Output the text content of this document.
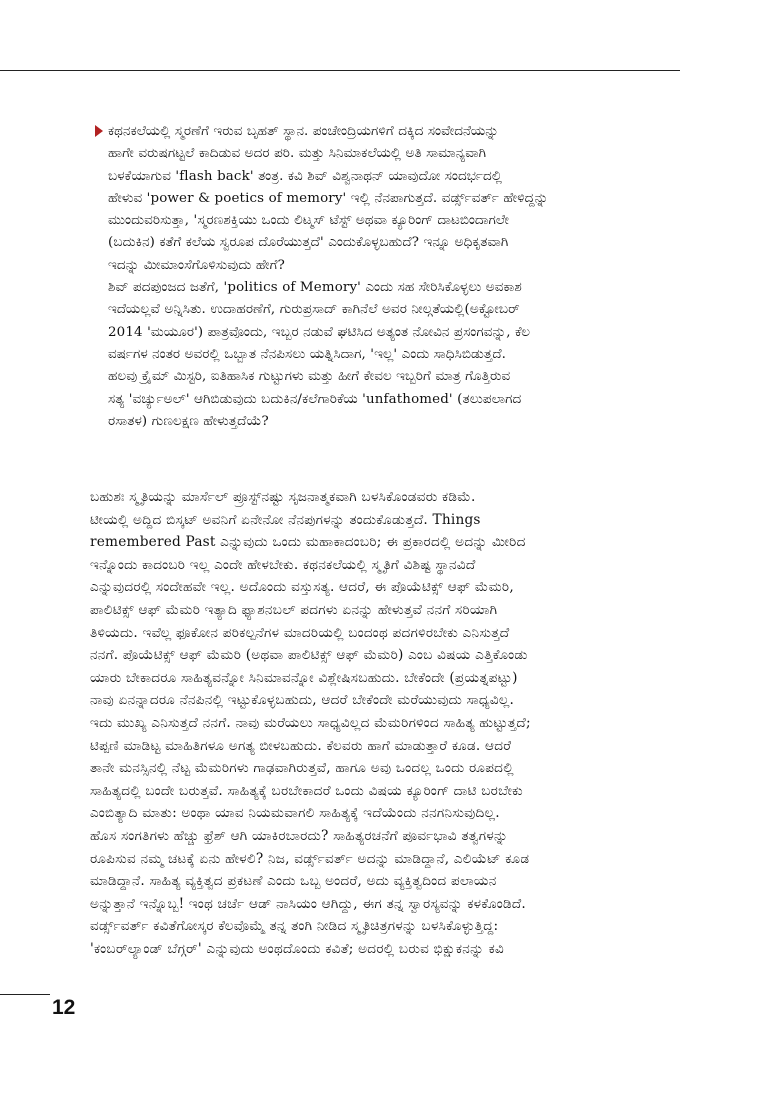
ಕಥನಕಲೆಯಲ್ಲಿ ಸ್ಮರಣೆಗೆ ಇರುವ ಬೃಹತ್ ಸ್ಥಾನ. ಪಂಚೇಂದ್ರಿಯಗಳಿಗೆ ದಕ್ಕಿದ ಸಂವೇದನೆಯನ್ನು
ಹಾಗೇ ವರುಷಗಟ್ಟಲೆ ಕಾದಿಡುವ ಅದರ ಪರಿ. ಮತ್ತು ಸಿನಿಮಾಕಲೆಯಲ್ಲಿ ಅತಿ ಸಾಮಾನ್ಯವಾಗಿ
ಬಳಕೆಯಾಗುವ 'flash back' ತಂತ್ರ. ಕವಿ ಶಿವ್ ವಿಶ್ವನಾಥನ್ ಯಾವುದೋ ಸಂದರ್ಭದಲ್ಲಿ
ಹೇಳುವ 'power & poetics of memory' ಇಲ್ಲಿ ನೆನಪಾಗುತ್ತದೆ. ವರ್ಡ್ಸ್‌ವರ್ತ್ ಹೇಳಿದ್ದನ್ನು
ಮುಂದುವರಿಸುತ್ತಾ, 'ಸ್ಮರಣಶಕ್ತಿಯು ಒಂದು ಲಿಟ್ಮಸ್ ಟೆಸ್ಟ್ ಅಥವಾ ಕ್ಯೂರಿಂಗ್ ದಾಟಬಿಂದಾಗಲೇ
(ಬದುಕಿನ) ಕತೆಗೆ ಕಲೆಯ ಸ್ವರೂಪ ದೊರೆಯುತ್ತದೆ' ಎಂದುಕೊಳ್ಳಬಹುದೆ? ಇನ್ನೂ ಅಧಿಕೃತವಾಗಿ
ಇದನ್ನು ಮೀಮಾಂಸೆಗೊಳಿಸುವುದು ಹೇಗೆ?
ಶಿವ್ ಪದಪುಂಜದ ಜತೆಗೆ, 'politics of Memory' ಎಂದು ಸಹ ಸೇರಿಸಿಕೊಳ್ಳಲು ಅವಕಾಶ
ಇದೆಯಲ್ಲವೆ ಅನ್ನಿಸಿತು. ಉದಾಹರಣೆಗೆ, ಗುರುಪ್ರಸಾದ್ ಕಾಗಿನೆಲೆ ಅವರ ನೀಲ್ಗತೆಯಲ್ಲಿ(ಅಕ್ಟೋಬರ್
2014 'ಮಯೂರ') ಪಾತ್ರವೊಂದು, ಇಬ್ಬರ ನಡುವೆ ಘಟಿಸಿದ ಅತ್ಯಂತ ನೋವಿನ ಪ್ರಸಂಗವನ್ನು, ಕೆಲ
ವರ್ಷಗಳ ನಂತರ ಅವರಲ್ಲಿ ಒಬ್ಬಾತ ನೆನಪಿಸಲು ಯತ್ನಿಸಿದಾಗ, 'ಇಲ್ಲ' ಎಂದು ಸಾಧಿಸಿಬಿಡುತ್ತದೆ.
ಹಲವು ಕ್ರೈಮ್ ಮಿಸ್ಟರಿ, ಐತಿಹಾಸಿಕ ಗುಟ್ಟುಗಳು ಮತ್ತು ಹೀಗೆ ಕೇವಲ ಇಬ್ಬರಿಗೆ ಮಾತ್ರ ಗೊತ್ತಿರುವ
ಸತ್ಯ 'ವರ್ಚ್ಯುಅಲ್' ಆಗಿಬಿಡುವುದು ಬದುಕಿನ/ಕಲೆಗಾರಿಕೆಯ 'unfathomed' (ತಲುಪಲಾಗದ
ರಸಾತಳ) ಗುಣಲಕ್ಷಣ ಹೇಳುತ್ತದೆಯೆ?
ಬಹುಶಃ ಸ್ಮೃತಿಯನ್ನು ಮಾರ್ಸೆಲ್ ಪ್ರೂಸ್ಟ್‌ನಷ್ಟು ಸೃಜನಾತ್ಮಕವಾಗಿ ಬಳಸಿಕೊಂಡವರು ಕಡಿಮೆ.
ಟೀಯಲ್ಲಿ ಅದ್ದಿದ ಬಿಸ್ಕಟ್ ಅವನಿಗೆ ಏನೇನೋ ನೆನಪುಗಳನ್ನು ತಂದುಕೊಡುತ್ತದೆ. Things
remembered Past ಎನ್ನುವುದು ಒಂದು ಮಹಾಕಾದಂಬರಿ; ಈ ಪ್ರಕಾರದಲ್ಲಿ ಅದನ್ನು ಮೀರಿದ
ಇನ್ನೊಂದು ಕಾದಂಬರಿ ಇಲ್ಲ ಎಂದೇ ಹೇಳಬೇಕು. ಕಥನಕಲೆಯಲ್ಲಿ ಸ್ಮೃತಿಗೆ ವಿಶಿಷ್ಟ ಸ್ಥಾನವಿದೆ
ಎನ್ನುವುದರಲ್ಲಿ ಸಂದೇಹವೇ ಇಲ್ಲ. ಅದೊಂದು ವಸ್ತುಸತ್ಯ. ಆದರೆ, ಈ ಪೊಯೆಟಿಕ್ಸ್ ಆಫ್ ಮೆಮರಿ,
ಪಾಲಿಟಿಕ್ಸ್ ಆಫ್ ಮೆಮರಿ ಇತ್ಯಾದಿ ಫ್ಯಾಶನಬಲ್ ಪದಗಳು ಏನನ್ನು ಹೇಳುತ್ತವೆ ನನಗೆ ಸರಿಯಾಗಿ
ತಿಳಿಯದು. ಇವೆಲ್ಲ ಫೂಕೋನ ಪರಿಕಲ್ಪನೆಗಳ ಮಾದರಿಯಲ್ಲಿ ಬಂದಂಥ ಪದಗಳಿರಬೇಕು ಎನಿಸುತ್ತದೆ
ನನಗೆ. ಪೊಯೆಟಿಕ್ಸ್ ಆಫ್ ಮೆಮರಿ (ಅಥವಾ ಪಾಲಿಟಿಕ್ಸ್ ಆಫ್ ಮೆಮರಿ) ಎಂಬ ವಿಷಯ ಎತ್ತಿಕೊಂಡು
ಯಾರು ಬೇಕಾದರೂ ಸಾಹಿತ್ಯವನ್ನೋ ಸಿನಿಮಾವನ್ನೋ ವಿಶ್ಲೇಷಿಸಬಹುದು. ಬೇಕೆಂದೇ (ಪ್ರಯತ್ನಪಟ್ಟು)
ನಾವು ಏನನ್ನಾದರೂ ನೆನಪಿನಲ್ಲಿ ಇಟ್ಟುಕೊಳ್ಳಬಹುದು, ಆದರೆ ಬೇಕೆಂದೇ ಮರೆಯುವುದು ಸಾಧ್ಯವಿಲ್ಲ.
ಇದು ಮುಖ್ಯ ಎನಿಸುತ್ತದೆ ನನಗೆ. ನಾವು ಮರೆಯಲು ಸಾಧ್ಯವಿಲ್ಲದ ಮೆಮರಿಗಳಿಂದ ಸಾಹಿತ್ಯ ಹುಟ್ಟುತ್ತದೆ;
ಟಿಪ್ಪಣಿ ಮಾಡಿಟ್ಟ ಮಾಹಿತಿಗಳೂ ಅಗತ್ಯ ಬೀಳಬಹುದು. ಕೆಲವರು ಹಾಗೆ ಮಾಡುತ್ತಾರೆ ಕೂಡ. ಆದರೆ
ತಾನೇ ಮನಸ್ಸಿನಲ್ಲಿ ನೆಟ್ಟ ಮೆಮರಿಗಳು ಗಾಢವಾಗಿರುತ್ತವೆ, ಹಾಗೂ ಅವು ಒಂದಲ್ಲ ಒಂದು ರೂಪದಲ್ಲಿ
ಸಾಹಿತ್ಯದಲ್ಲಿ ಬಂದೇ ಬರುತ್ತವೆ. ಸಾಹಿತ್ಯಕ್ಕೆ ಬರಬೇಕಾದರೆ ಒಂದು ವಿಷಯ ಕ್ಯೂರಿಂಗ್ ದಾಟಿ ಬರಬೇಕು
ಎಂಬಿತ್ಯಾದಿ ಮಾತು: ಅಂಥಾ ಯಾವ ನಿಯಮವಾಗಲಿ ಸಾಹಿತ್ಯಕ್ಕೆ ಇದೆಯೆಂದು ನನಗನಿಸುವುದಿಲ್ಲ.
ಹೊಸ ಸಂಗತಿಗಳು ಹೆಚ್ಚು ಫ್ರೆಶ್ ಆಗಿ ಯಾಕಿರಬಾರದು? ಸಾಹಿತ್ಯರಚನೆಗೆ ಪೂರ್ವಭಾವಿ ತತ್ವಗಳನ್ನು
ರೂಪಿಸುವ ನಮ್ಮ ಚಟಕ್ಕೆ ಏನು ಹೇಳಲಿ? ನಿಜ, ವರ್ಡ್ಸ್‌ವರ್ತ್ ಅದನ್ನು ಮಾಡಿದ್ದಾನೆ, ಎಲಿಯೆಟ್ ಕೂಡ
ಮಾಡಿದ್ದಾನೆ. ಸಾಹಿತ್ಯ ವ್ಯಕ್ತಿತ್ವದ ಪ್ರಕಟಣೆ ಎಂದು ಒಬ್ಬ ಅಂದರೆ, ಅದು ವ್ಯಕ್ತಿತ್ವದಿಂದ ಪಲಾಯನ
ಅನ್ನುತ್ತಾನೆ ಇನ್ನೊಬ್ಬ! ಇಂಥ ಚರ್ಚೆ ಆಡ್ ನಾಸಿಯಂ ಆಗಿದ್ದು, ಈಗ ತನ್ನ ಸ್ವಾರಸ್ಯವನ್ನು ಕಳಕೊಂಡಿದೆ.
ವರ್ಡ್ಸ್‌ವರ್ತ್ ಕವಿತೆಗೋಸ್ಕರ ಕೆಲವೊಮ್ಮೆ ತನ್ನ ತಂಗಿ ನೀಡಿದ ಸ್ಮೃತಿಚಿತ್ರಗಳನ್ನು ಬಳಸಿಕೊಳ್ಳುತ್ತಿದ್ದ:
'ಕಂಬರ್‌ಲ್ಯಾಂಡ್ ಬೆಗ್ಗರ್' ಎನ್ನುವುದು ಅಂಥದೊಂದು ಕವಿತೆ; ಅದರಲ್ಲಿ ಬರುವ ಭಿಕ್ಷುಕನನ್ನು ಕವಿ
12
